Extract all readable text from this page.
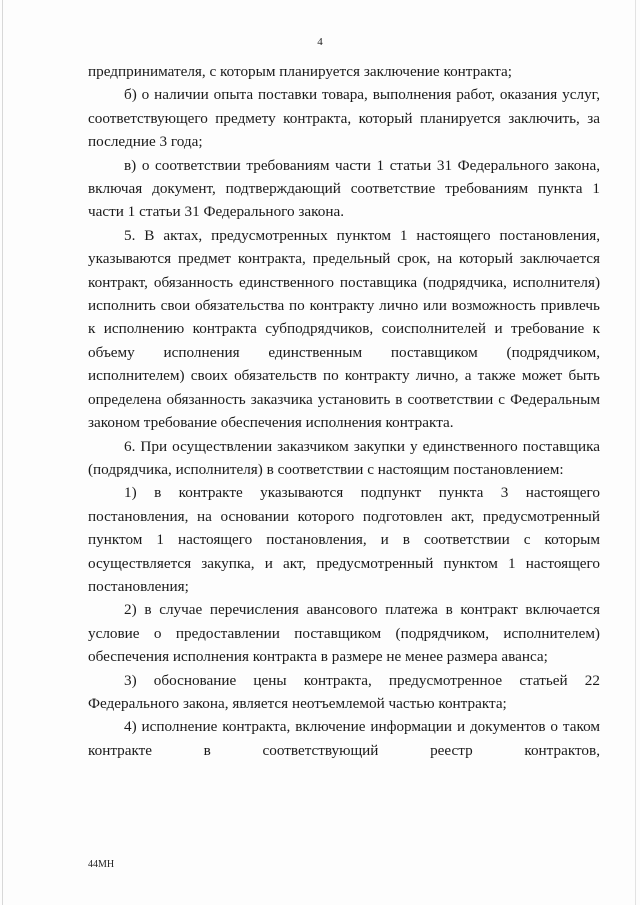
4

предпринимателя, с которым планируется заключение контракта;

б) о наличии опыта поставки товара, выполнения работ, оказания услуг, соответствующего предмету контракта, который планируется заключить, за последние 3 года;

в) о соответствии требованиям части 1 статьи 31 Федерального закона, включая документ, подтверждающий соответствие требованиям пункта 1 части 1 статьи 31 Федерального закона.

5. В актах, предусмотренных пунктом 1 настоящего постановления, указываются предмет контракта, предельный срок, на который заключается контракт, обязанность единственного поставщика (подрядчика, исполнителя) исполнить свои обязательства по контракту лично или возможность привлечь к исполнению контракта субподрядчиков, соисполнителей и требование к объему исполнения единственным поставщиком (подрядчиком, исполнителем) своих обязательств по контракту лично, а также может быть определена обязанность заказчика установить в соответствии с Федеральным законом требование обеспечения исполнения контракта.

6. При осуществлении заказчиком закупки у единственного поставщика (подрядчика, исполнителя) в соответствии с настоящим постановлением:

1) в контракте указываются подпункт пункта 3 настоящего постановления, на основании которого подготовлен акт, предусмотренный пунктом 1 настоящего постановления, и в соответствии с которым осуществляется закупка, и акт, предусмотренный пунктом 1 настоящего постановления;

2) в случае перечисления авансового платежа в контракт включается условие о предоставлении поставщиком (подрядчиком, исполнителем) обеспечения исполнения контракта в размере не менее размера аванса;

3) обоснование цены контракта, предусмотренное статьей 22 Федерального закона, является неотъемлемой частью контракта;

4) исполнение контракта, включение информации и документов о таком контракте в соответствующий реестр контрактов,

44МН
